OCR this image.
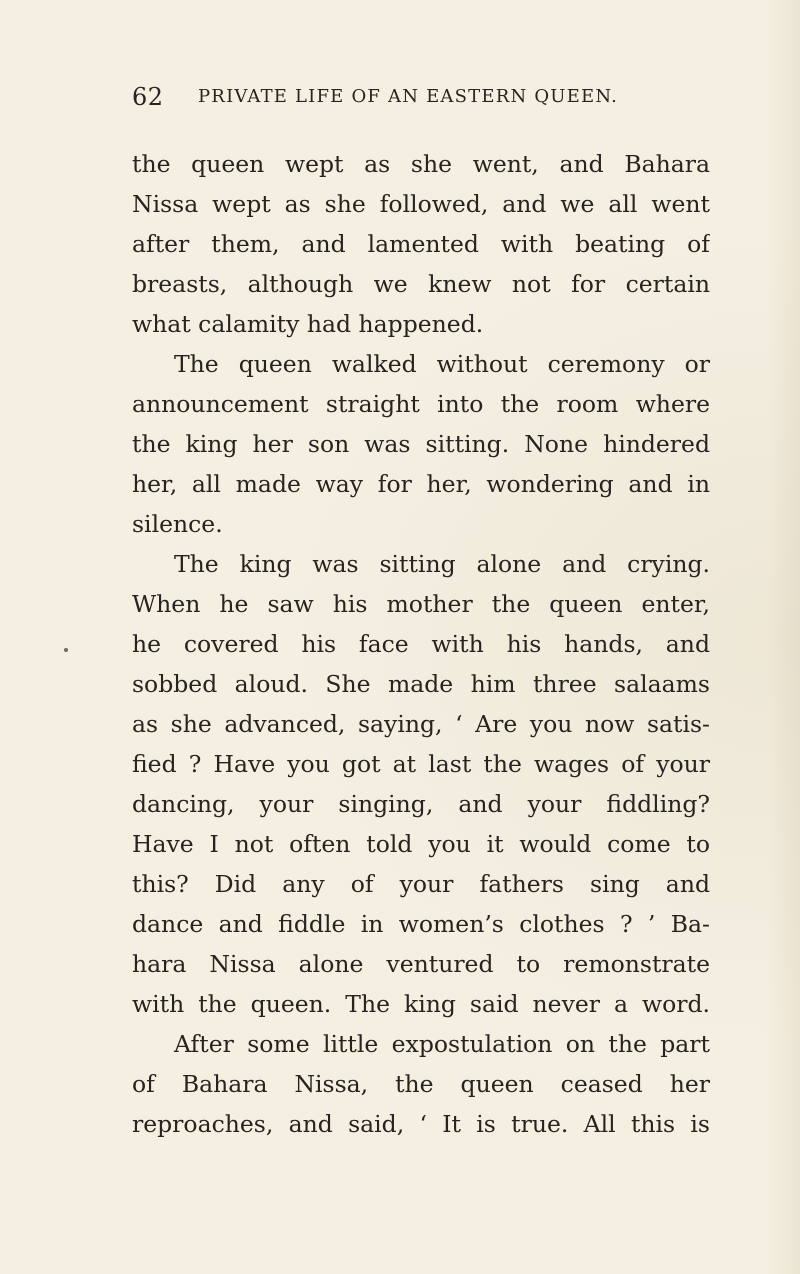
62 PRIVATE LIFE OF AN EASTERN QUEEN.
the queen wept as she went, and Bahara
Nissa wept as she followed, and we all went
after them, and lamented with beating of
breasts, although we knew not for certain
what calamity had happened.
The queen walked without ceremony or
announcement straight into the room where
the king her son was sitting. None hindered
her, all made way for her, wondering and in
silence.
The king was sitting alone and crying.
When he saw his mother the queen enter,
he covered his face with his hands, and
sobbed aloud. She made him three salaams
as she advanced, saying, ‘ Are you now satis-
fied ? Have you got at last the wages of your
dancing, your singing, and your fiddling?
Have I not often told you it would come to
this? Did any of your fathers sing and
dance and fiddle in women’s clothes ? ’ Ba-
hara Nissa alone ventured to remonstrate
with the queen. The king said never a word.
After some little expostulation on the part
of Bahara Nissa, the queen ceased her
reproaches, and said, ‘ It is true. All this is
